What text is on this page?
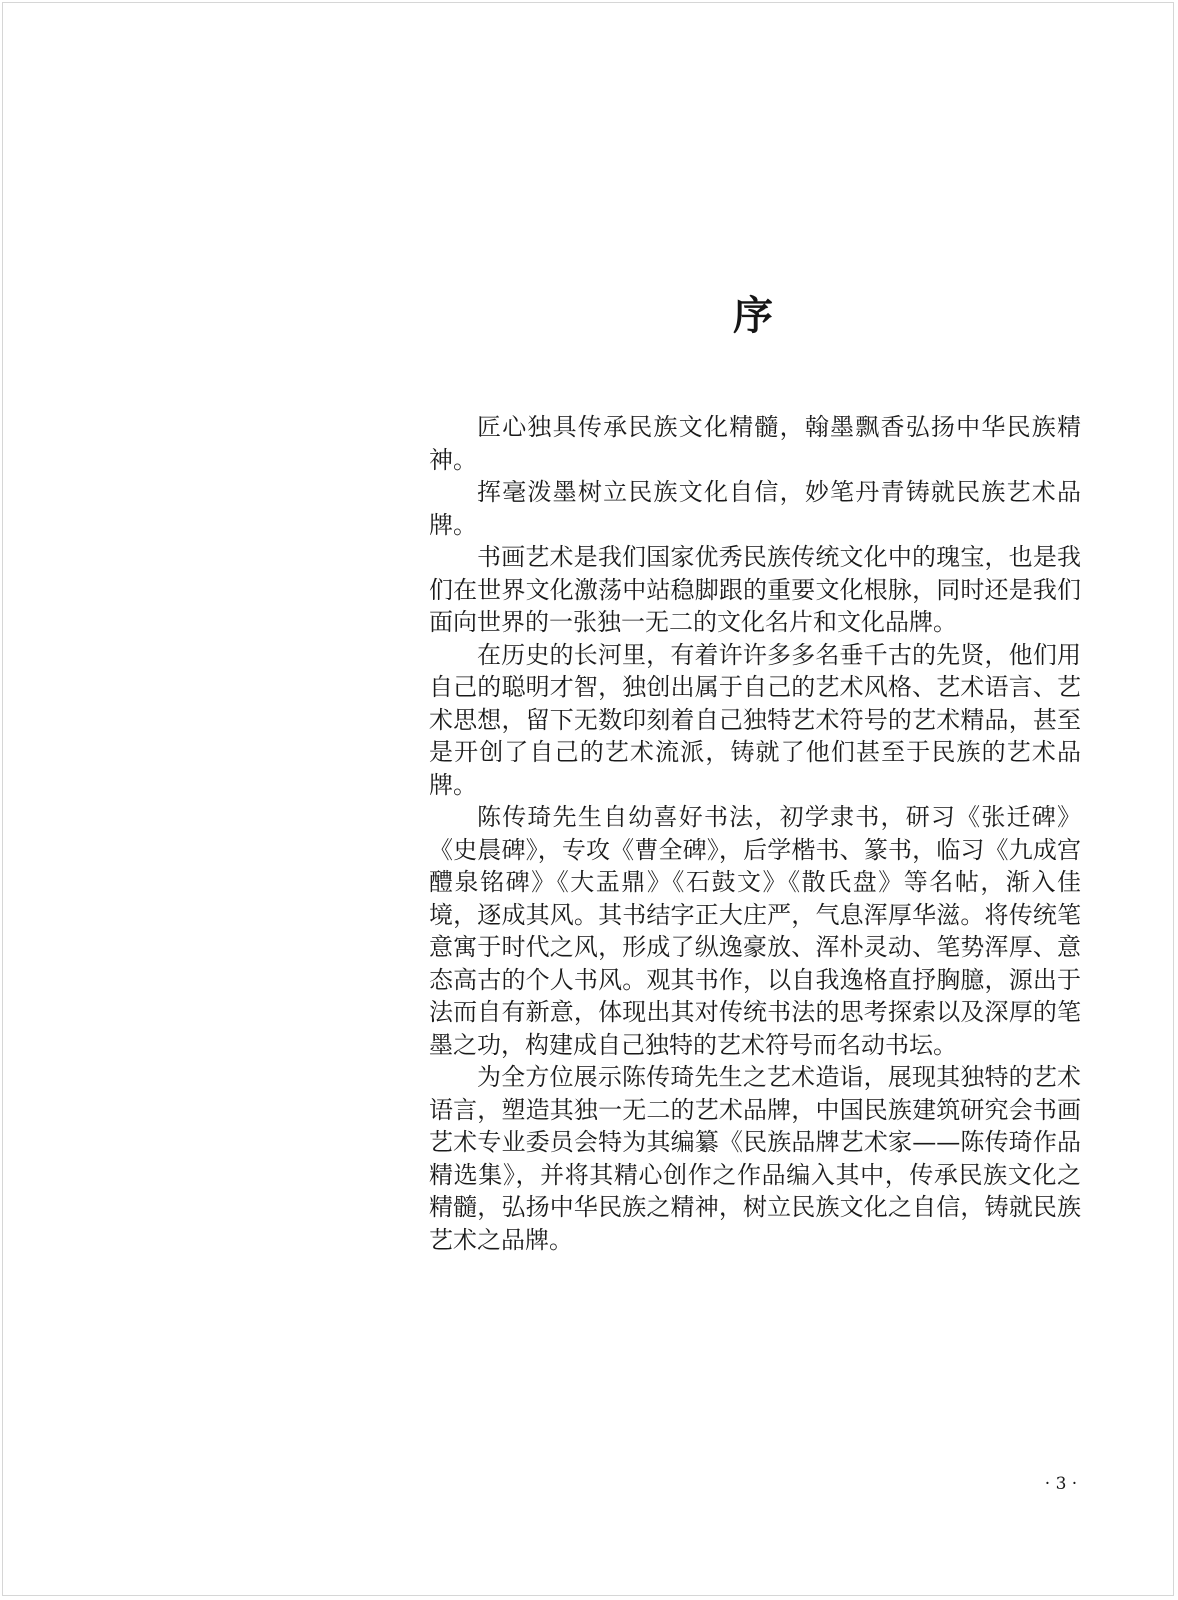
序

匠心独具传承民族文化精髓，翰墨飘香弘扬中华民族精神。

挥毫泼墨树立民族文化自信，妙笔丹青铸就民族艺术品牌。

书画艺术是我们国家优秀民族传统文化中的瑰宝，也是我们在世界文化激荡中站稳脚跟的重要文化根脉，同时还是我们面向世界的一张独一无二的文化名片和文化品牌。

在历史的长河里，有着许许多多名垂千古的先贤，他们用自己的聪明才智，独创出属于自己的艺术风格、艺术语言、艺术思想，留下无数印刻着自己独特艺术符号的艺术精品，甚至是开创了自己的艺术流派，铸就了他们甚至于民族的艺术品牌。

陈传琦先生自幼喜好书法，初学隶书，研习《张迁碑》《史晨碑》，专攻《曹全碑》，后学楷书、篆书，临习《九成宫醴泉铭碑》《大盂鼎》《石鼓文》《散氏盘》等名帖，渐入佳境，逐成其风。其书结字正大庄严，气息浑厚华滋。将传统笔意寓于时代之风，形成了纵逸豪放、浑朴灵动、笔势浑厚、意态高古的个人书风。观其书作，以自我逸格直抒胸臆，源出于法而自有新意，体现出其对传统书法的思考探索以及深厚的笔墨之功，构建成自己独特的艺术符号而名动书坛。

为全方位展示陈传琦先生之艺术造诣，展现其独特的艺术语言，塑造其独一无二的艺术品牌，中国民族建筑研究会书画艺术专业委员会特为其编纂《民族品牌艺术家——陈传琦作品精选集》，并将其精心创作之作品编入其中，传承民族文化之精髓，弘扬中华民族之精神，树立民族文化之自信，铸就民族艺术之品牌。

· 3 ·
